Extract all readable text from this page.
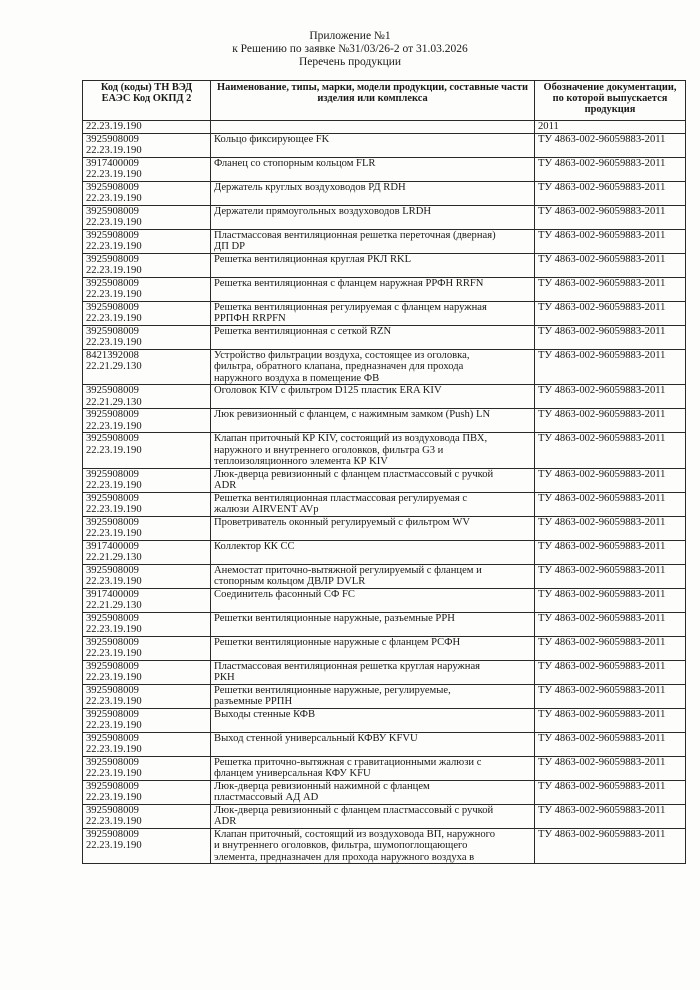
Приложение №1
к Решению по заявке №31/03/26-2 от 31.03.2026
Перечень продукции
Код (коды) ТН ВЭД ЕАЭС Код ОКПД 2	Наименование, типы, марки, модели продукции, составные части изделия или комплекса	Обозначение документации, по которой выпускается продукция

22.23.19.190		2011

3925908009
22.23.19.190	Кольцо фиксирующее FK	ТУ 4863-002-96059883-2011

3917400009
22.23.19.190	Фланец со стопорным кольцом FLR	ТУ 4863-002-96059883-2011

3925908009
22.23.19.190	Держатель круглых воздуховодов РД RDH	ТУ 4863-002-96059883-2011

3925908009
22.23.19.190	Держатели прямоугольных воздуховодов LRDH	ТУ 4863-002-96059883-2011

3925908009
22.23.19.190	Пластмассовая вентиляционная решетка переточная (дверная)
ДП DP	ТУ 4863-002-96059883-2011

3925908009
22.23.19.190	Решетка вентиляционная круглая РКЛ RKL	ТУ 4863-002-96059883-2011

3925908009
22.23.19.190	Решетка вентиляционная с фланцем наружная РРФН RRFN	ТУ 4863-002-96059883-2011

3925908009
22.23.19.190	Решетка вентиляционная регулируемая с фланцем наружная
РРПФН RRPFN	ТУ 4863-002-96059883-2011

3925908009
22.23.19.190	Решетка вентиляционная с сеткой RZN	ТУ 4863-002-96059883-2011

8421392008
22.21.29.130	Устройство фильтрации воздуха, состоящее из оголовка,
фильтра, обратного клапана, предназначен для прохода
наружного воздуха в помещение ФВ	ТУ 4863-002-96059883-2011

3925908009
22.21.29.130	Оголовок KIV с фильтром D125 пластик ERA KIV	ТУ 4863-002-96059883-2011

3925908009
22.23.19.190	Люк ревизионный с фланцем, с нажимным замком (Push) LN	ТУ 4863-002-96059883-2011

3925908009
22.23.19.190	Клапан приточный КР KIV, состоящий из воздуховода ПВХ,
наружного и внутреннего оголовков, фильтра G3 и
теплоизоляционного элемента КР KIV	ТУ 4863-002-96059883-2011

3925908009
22.23.19.190	Люк-дверца ревизионный с фланцем пластмассовый с ручкой
ADR	ТУ 4863-002-96059883-2011

3925908009
22.23.19.190	Решетка вентиляционная пластмассовая регулируемая с
жалюзи AIRVENT AVp	ТУ 4863-002-96059883-2011

3925908009
22.23.19.190	Проветриватель оконный регулируемый с фильтром WV	ТУ 4863-002-96059883-2011

3917400009
22.21.29.130	Коллектор КК CC	ТУ 4863-002-96059883-2011

3925908009
22.23.19.190	Анемостат приточно-вытяжной регулируемый с фланцем и
стопорным кольцом ДВЛР DVLR	ТУ 4863-002-96059883-2011

3917400009
22.21.29.130	Соединитель фасонный СФ FC	ТУ 4863-002-96059883-2011

3925908009
22.23.19.190	Решетки вентиляционные наружные, разъемные РРН	ТУ 4863-002-96059883-2011

3925908009
22.23.19.190	Решетки вентиляционные наружные с фланцем РСФН	ТУ 4863-002-96059883-2011

3925908009
22.23.19.190	Пластмассовая вентиляционная решетка круглая наружная
РКН	ТУ 4863-002-96059883-2011

3925908009
22.23.19.190	Решетки вентиляционные наружные, регулируемые,
разъемные РРПН	ТУ 4863-002-96059883-2011

3925908009
22.23.19.190	Выходы стенные КФВ	ТУ 4863-002-96059883-2011

3925908009
22.23.19.190	Выход стенной универсальный КФВУ KFVU	ТУ 4863-002-96059883-2011

3925908009
22.23.19.190	Решетка приточно-вытяжная с гравитационными жалюзи с
фланцем универсальная КФУ KFU	ТУ 4863-002-96059883-2011

3925908009
22.23.19.190	Люк-дверца ревизионный нажимной с фланцем
пластмассовый АД AD	ТУ 4863-002-96059883-2011

3925908009
22.23.19.190	Люк-дверца ревизионный с фланцем пластмассовый с ручкой
ADR	ТУ 4863-002-96059883-2011

3925908009
22.23.19.190	Клапан приточный, состоящий из воздуховода ВП, наружного
и внутреннего оголовков, фильтра, шумопоглощающего
элемента, предназначен для прохода наружного воздуха в	ТУ 4863-002-96059883-2011
